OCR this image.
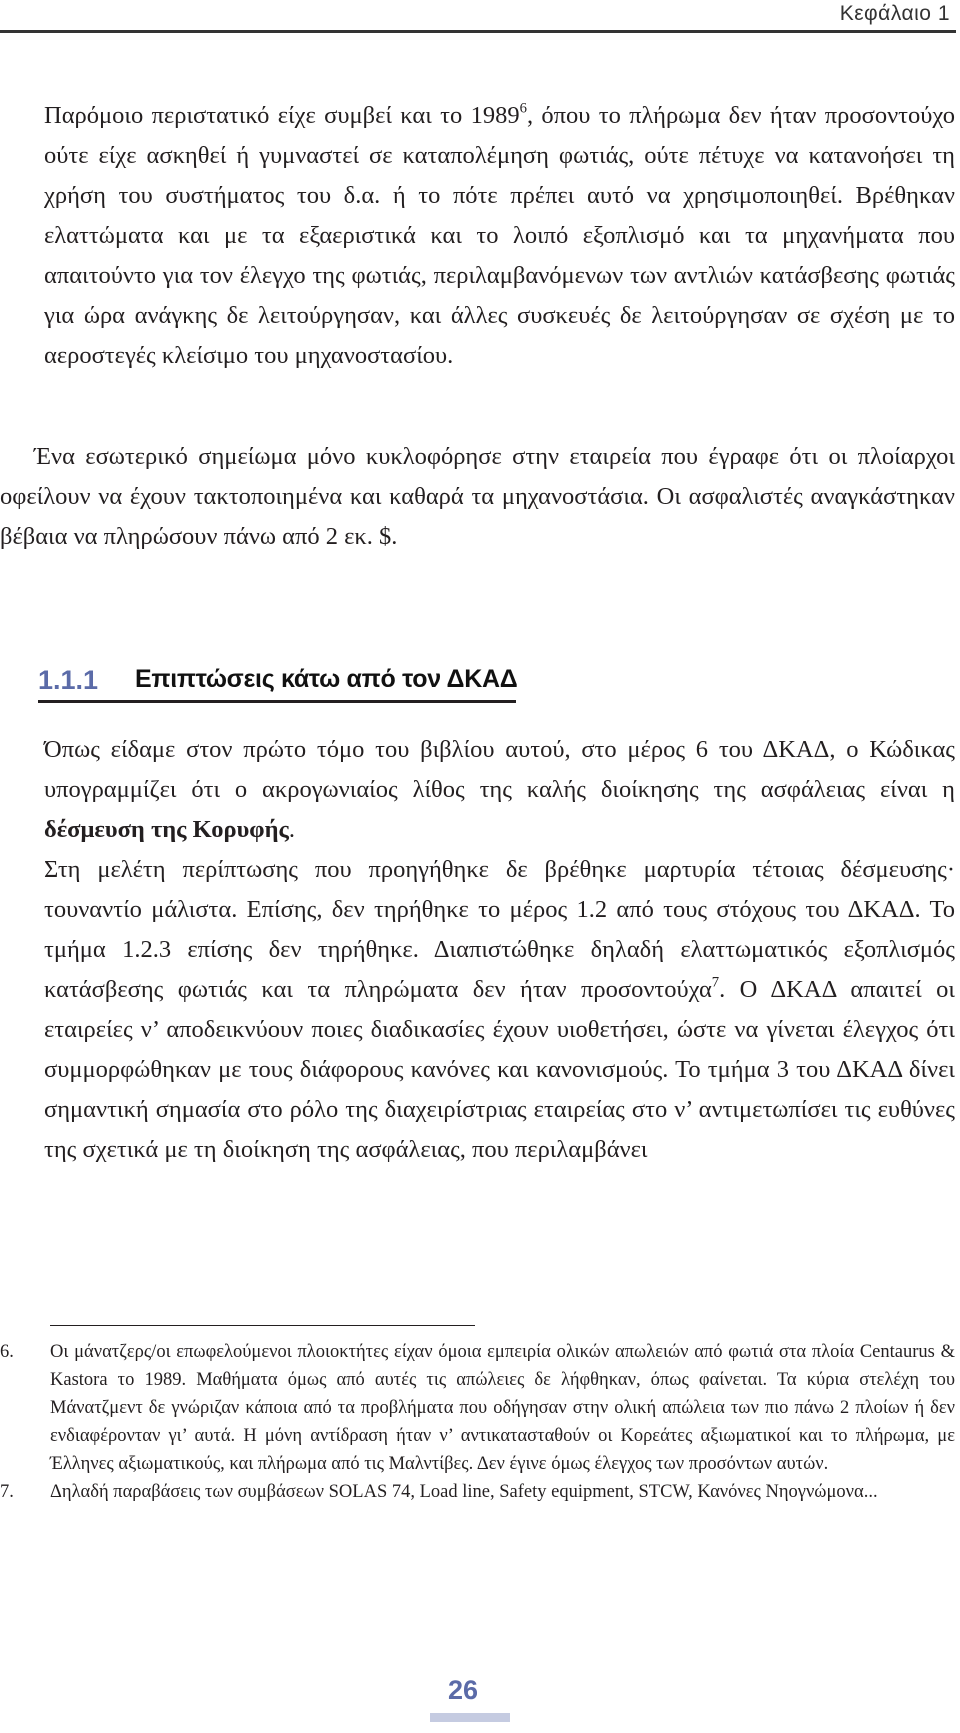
Κεφάλαιο 1

Παρόμοιο περιστατικό είχε συμβεί και το 1989$^6$, όπου το πλήρωμα δεν ήταν προσοντούχο ούτε είχε ασκηθεί ή γυμναστεί σε καταπολέμηση φωτιάς, ούτε πέτυχε να κατανοήσει τη χρήση του συστήματος του δ.α. ή το πότε πρέπει αυτό να χρησιμοποιηθεί. Βρέθηκαν ελαττώματα και με τα εξαεριστικά και το λοιπό εξοπλισμό και τα μηχανήματα που απαιτούντο για τον έλεγχο της φωτιάς, περιλαμβανόμενων των αντλιών κατάσβεσης φωτιάς για ώρα ανάγκης δε λειτούργησαν, και άλλες συσκευές δε λειτούργησαν σε σχέση με το αεροστεγές κλείσιμο του μηχανοστασίου.

Ένα εσωτερικό σημείωμα μόνο κυκλοφόρησε στην εταιρεία που έγραφε ότι οι πλοίαρχοι οφείλουν να έχουν τακτοποιημένα και καθαρά τα μηχανοστάσια. Οι ασφαλιστές αναγκάστηκαν βέβαια να πληρώσουν πάνω από 2 εκ. $.

1.1.1 Επιπτώσεις κάτω από τον ΔΚΑΔ

Όπως είδαμε στον πρώτο τόμο του βιβλίου αυτού, στο μέρος 6 του ΔΚΑΔ, ο Κώδικας υπογραμμίζει ότι ο ακρογωνιαίος λίθος της καλής διοίκησης της ασφάλειας είναι η δέσμευση της Κορυφής.

Στη μελέτη περίπτωσης που προηγήθηκε δε βρέθηκε μαρτυρία τέτοιας δέσμευσης· τουναντίο μάλιστα. Επίσης, δεν τηρήθηκε το μέρος 1.2 από τους στόχους του ΔΚΑΔ. Το τμήμα 1.2.3 επίσης δεν τηρήθηκε. Διαπιστώθηκε δηλαδή ελαττωματικός εξοπλισμός κατάσβεσης φωτιάς και τα πληρώματα δεν ήταν προσοντούχα$^7$. Ο ΔΚΑΔ απαιτεί οι εταιρείες ν’ αποδεικνύουν ποιες διαδικασίες έχουν υιοθετήσει, ώστε να γίνεται έλεγχος ότι συμμορφώθηκαν με τους διάφορους κανόνες και κανονισμούς. Το τμήμα 3 του ΔΚΑΔ δίνει σημαντική σημασία στο ρόλο της διαχειρίστριας εταιρείας στο ν’ αντιμετωπίσει τις ευθύνες της σχετικά με τη διοίκηση της ασφάλειας, που περιλαμβάνει

6.	Οι μάνατζερς/οι επωφελούμενοι πλοιοκτήτες είχαν όμοια εμπειρία ολικών απωλειών από φωτιά στα πλοία Centaurus & Kastora το 1989. Μαθήματα όμως από αυτές τις απώλειες δε λήφθηκαν, όπως φαίνεται. Τα κύρια στελέχη του Μάνατζμεντ δε γνώριζαν κάποια από τα προβλήματα που οδήγησαν στην ολική απώλεια των πιο πάνω 2 πλοίων ή δεν ενδιαφέρονταν γι’ αυτά. Η μόνη αντίδραση ήταν ν’ αντικατασταθούν οι Κορεάτες αξιωματικοί και το πλήρωμα, με Έλληνες αξιωματικούς, και πλήρωμα από τις Μαλντίβες. Δεν έγινε όμως έλεγχος των προσόντων αυτών.

7.	Δηλαδή παραβάσεις των συμβάσεων SOLAS 74, Load line, Safety equipment, STCW, Κανόνες Νηογνώμονα...

26
